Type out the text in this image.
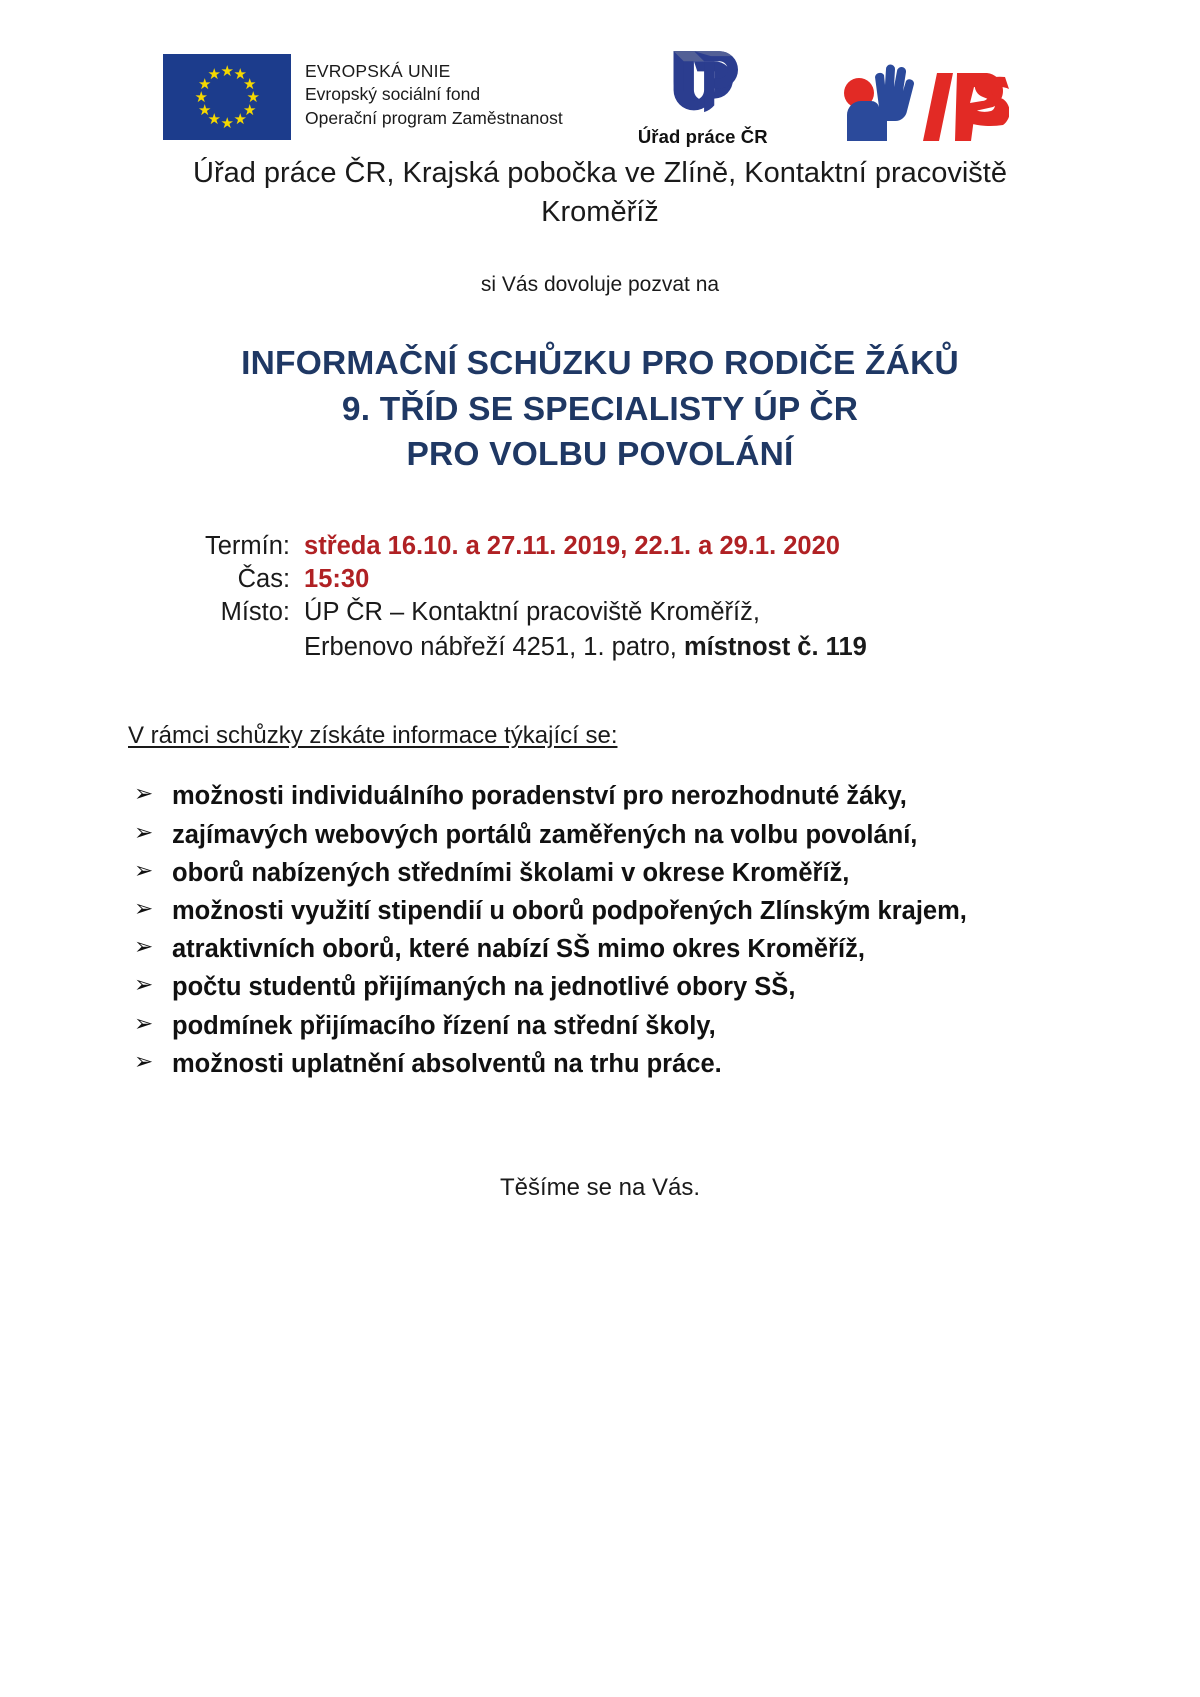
★ ★
★
★
★
★
★
★
★
★
★
★	EVROPSKÁ UNIE
Evropský sociální fond
Operační program Zaměstnanost
Úřad práce ČR
Úřad práce ČR, Krajská pobočka ve Zlíně, Kontaktní pracoviště Kroměříž
si Vás dovoluje pozvat na
INFORMAČNÍ SCHŮZKU PRO RODIČE ŽÁKŮ
9. TŘÍD SE SPECIALISTY ÚP ČR
PRO VOLBU POVOLÁNÍ
Termín:	středa 16.10. a 27.11. 2019, 22.1. a 29.1. 2020
Čas:	15:30
Místo:	ÚP ČR – Kontaktní pracoviště Kroměříž,
	Erbenovo nábřeží 4251, 1. patro, místnost č. 119
V rámci schůzky získáte informace týkající se:
➢ možnosti individuálního poradenství pro nerozhodnuté žáky,
➢ zajímavých webových portálů zaměřených na volbu povolání,
➢ oborů nabízených středními školami v okrese Kroměříž,
➢ možnosti využití stipendií u oborů podpořených Zlínským krajem,
➢ atraktivních oborů, které nabízí SŠ mimo okres Kroměříž,
➢ počtu studentů přijímaných na jednotlivé obory SŠ,
➢ podmínek přijímacího řízení na střední školy,
➢ možnosti uplatnění absolventů na trhu práce.
Těšíme se na Vás.
